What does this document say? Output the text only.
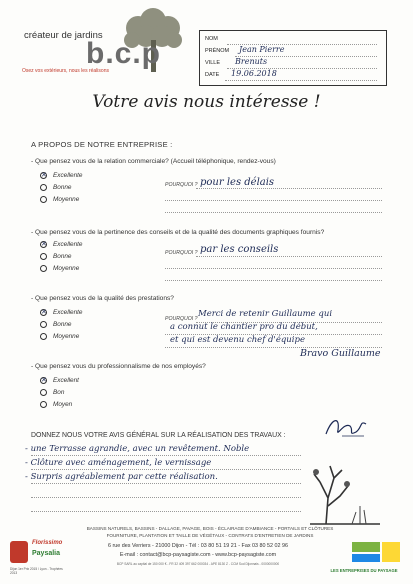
créateur de jardins
b.c.p
Osez vos extérieurs, nous les réalisons
NOM
PRÉNOM Jean Pierre
VILLE Brenuts
DATE 19.06.2018
Votre avis nous intéresse !
A PROPOS DE NOTRE ENTREPRISE :
- Que pensez vous de la relation commerciale? (Accueil téléphonique, rendez-vous)
✕
Excellente
Bonne
Moyenne
POURQUOI ? pour les délais
- Que pensez vous de la pertinence des conseils et de la qualité des documents graphiques fournis?
✕
Excellente
Bonne
Moyenne
POURQUOI ? par les conseils
- Que pensez vous de la qualité des prestations?
✕
Excellente
Bonne
Moyenne
POURQUOI ? Merci de retenir Guillaume qui
a connut le chantier pro du début,
et qui est devenu chef d'équipe
Bravo Guillaume
- Que pensez vous du professionnalisme de nos employés?
✕
Excellent
Bon
Moyen
DONNEZ NOUS VOTRE AVIS GÉNÉRAL SUR LA RÉALISATION DES TRAVAUX :
- une Terrasse agrandie, avec un revêtement. Noble
- Clôture avec aménagement, le vernissage
- Surpris agréablement par cette réalisation.
BASSINS NATURELS, BASSINS - DALLAGE, PAVAGE, BOIS - ÉCLAIRAGE D'AMBIANCE - PORTAILS ET CLÔTURES
FOURNITURE, PLANTATION ET TAILLE DE VÉGÉTAUX - CONTRATS D'ENTRETIEN DE JARDINS
Florissimo
Paysalia
Dijon 1er Prix 2015 / Lyon - Trophées 2013
6 rue des Verriers - 21000 Dijon - Tél : 03 80 51 19 21 - Fax 03 80 52 02 96
E-mail : contact@bcp-paysagiste.com - www.bcp-paysagiste.com
BCP SARL au capital de 150 000 € - FR 32 409 397 662 000034 - APE 8130 Z - CCM Sud Dijonnais - 0000000000
LES ENTREPRISES DU PAYSAGE
